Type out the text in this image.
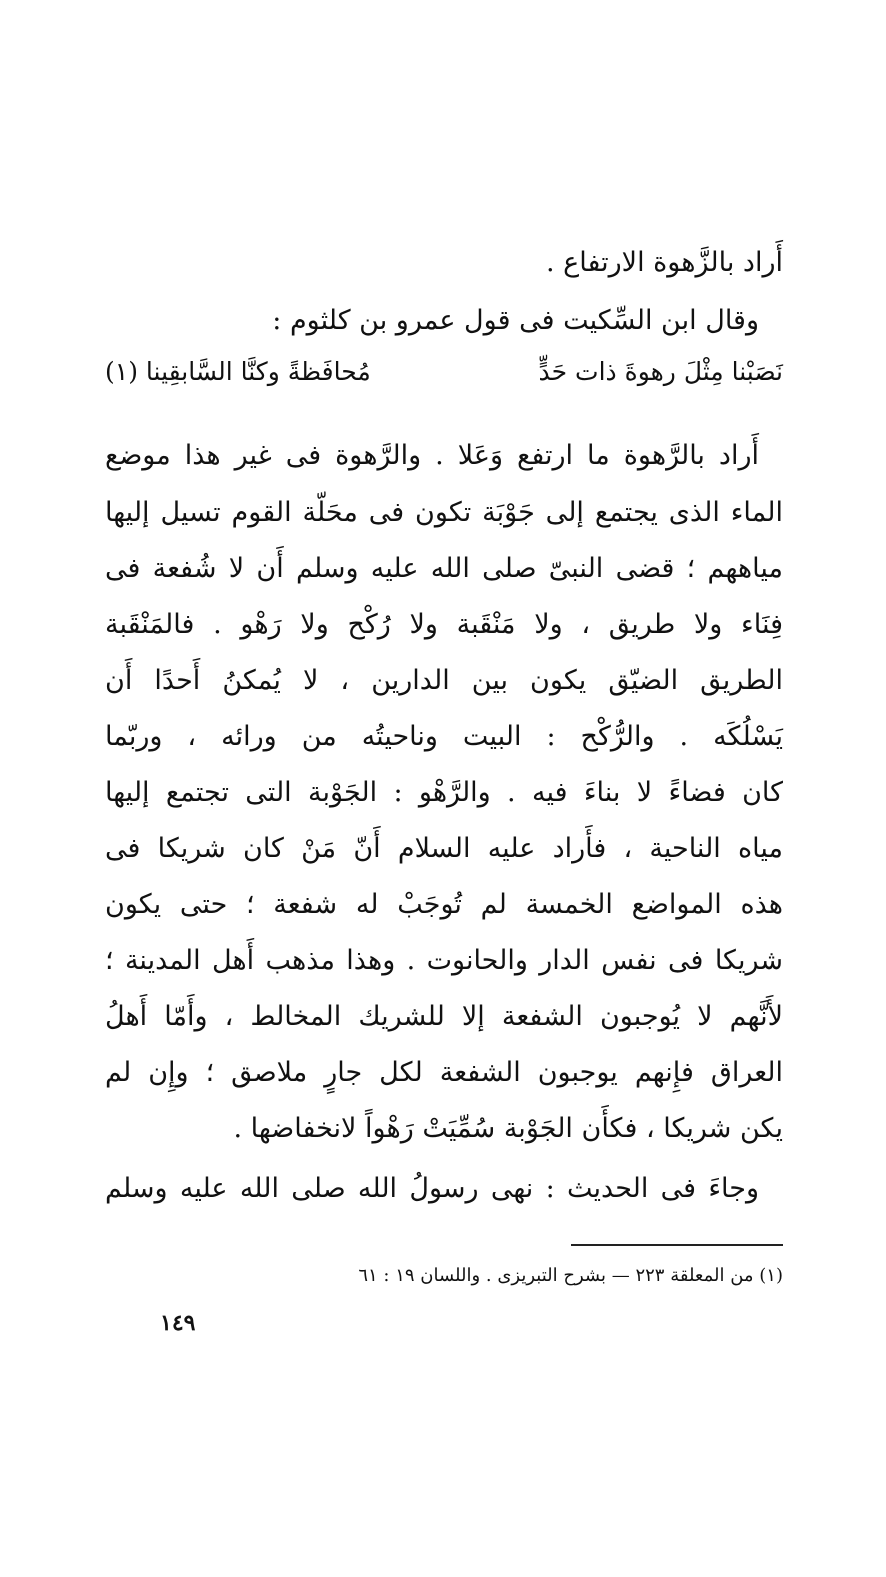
أَراد بالزَّهوة الارتفاع .
وقال ابن السِّكيت فى قول عمرو بن كلثوم :
نَصَبْنا مِثْلَ رهوةَ ذات حَدٍّ
مُحافَظةً وكنَّا السَّابقِينا (١)
أَراد بالرَّهوة ما ارتفع وَعَلا . والرَّهوة فى غير هذا موضع
الماء الذى يجتمع إلى جَوْبَة تكون فى محَلّة القوم تسيل إليها
مياههم ؛ قضى النبىّ صلى الله عليه وسلم أَن لا شُفعة فى
فِنَاء ولا طريق ، ولا مَنْقَبة ولا رُكْح ولا رَهْو . فالمَنْقَبة
الطريق الضيّق يكون بين الدارين ، لا يُمكنُ أَحدًا أَن
يَسْلُكَه . والرُّكْح : البيت وناحيتُه من ورائه ، وربّما
كان فضاءً لا بناءَ فيه . والرَّهْو : الجَوْبة التى تجتمع إليها
مياه الناحية ، فأَراد عليه السلام أَنّ مَنْ كان شريكا فى
هذه المواضع الخمسة لم تُوجَبْ له شفعة ؛ حتى يكون
شريكا فى نفس الدار والحانوت . وهذا مذهب أَهل المدينة ؛
لأَنَّهم لا يُوجبون الشفعة إلا للشريك المخالط ، وأَمّا أَهلُ
العراق فإِنهم يوجبون الشفعة لكل جارٍ ملاصق ؛ وإِن لم
يكن شريكا ، فكأَن الجَوْبة سُمِّيَتْ رَهْواً لانخفاضها .
وجاءَ فى الحديث : نهى رسولُ الله صلى الله عليه وسلم
(١) من المعلقة ٢٢٣ — بشرح التبريزى . واللسان ١٩ : ٦١
١٤٩
